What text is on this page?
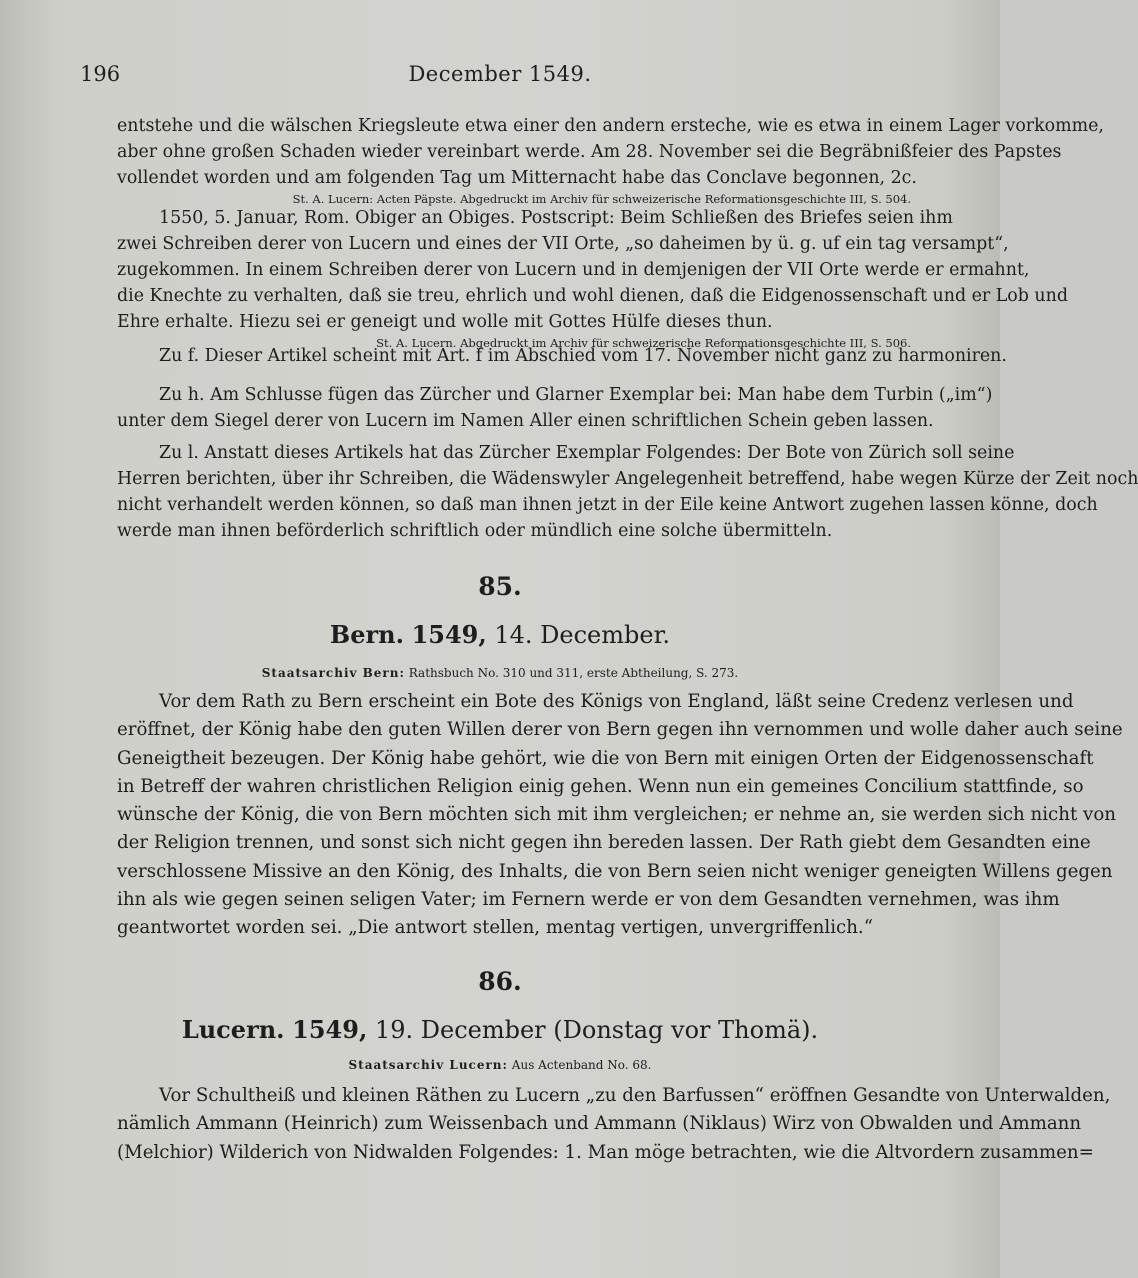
196	December 1549.
entstehe und die wälschen Kriegsleute etwa einer den andern ersteche, wie es etwa in einem Lager vorkomme,
aber ohne großen Schaden wieder vereinbart werde. Am 28. November sei die Begräbnißfeier des Papstes
vollendet worden und am folgenden Tag um Mitternacht habe das Conclave begonnen, 2c.
St. A. Lucern: Acten Päpste. Abgedruckt im Archiv für schweizerische Reformationsgeschichte III, S. 504.
1550, 5. Januar, Rom. Obiger an Obiges. Postscript: Beim Schließen des Briefes seien ihm
zwei Schreiben derer von Lucern und eines der VII Orte, „so daheimen by ü. g. uf ein tag versampt“,
zugekommen. In einem Schreiben derer von Lucern und in demjenigen der VII Orte werde er ermahnt,
die Knechte zu verhalten, daß sie treu, ehrlich und wohl dienen, daß die Eidgenossenschaft und er Lob und
Ehre erhalte. Hiezu sei er geneigt und wolle mit Gottes Hülfe dieses thun.
St. A. Lucern. Abgedruckt im Archiv für schweizerische Reformationsgeschichte III, S. 506.
Zu f. Dieser Artikel scheint mit Art. f im Abschied vom 17. November nicht ganz zu harmoniren.
Zu h. Am Schlusse fügen das Zürcher und Glarner Exemplar bei: Man habe dem Turbin („im“)
unter dem Siegel derer von Lucern im Namen Aller einen schriftlichen Schein geben lassen.
Zu l. Anstatt dieses Artikels hat das Zürcher Exemplar Folgendes: Der Bote von Zürich soll seine
Herren berichten, über ihr Schreiben, die Wädenswyler Angelegenheit betreffend, habe wegen Kürze der Zeit noch
nicht verhandelt werden können, so daß man ihnen jetzt in der Eile keine Antwort zugehen lassen könne, doch
werde man ihnen beförderlich schriftlich oder mündlich eine solche übermitteln.
85.
Bern. 1549, 14. December.
Staatsarchiv Bern: Rathsbuch No. 310 und 311, erste Abtheilung, S. 273.
Vor dem Rath zu Bern erscheint ein Bote des Königs von England, läßt seine Credenz verlesen und
eröffnet, der König habe den guten Willen derer von Bern gegen ihn vernommen und wolle daher auch seine
Geneigtheit bezeugen. Der König habe gehört, wie die von Bern mit einigen Orten der Eidgenossenschaft
in Betreff der wahren christlichen Religion einig gehen. Wenn nun ein gemeines Concilium stattfinde, so
wünsche der König, die von Bern möchten sich mit ihm vergleichen; er nehme an, sie werden sich nicht von
der Religion trennen, und sonst sich nicht gegen ihn bereden lassen. Der Rath giebt dem Gesandten eine
verschlossene Missive an den König, des Inhalts, die von Bern seien nicht weniger geneigten Willens gegen
ihn als wie gegen seinen seligen Vater; im Fernern werde er von dem Gesandten vernehmen, was ihm
geantwortet worden sei. „Die antwort stellen, mentag vertigen, unvergriffenlich.“
86.
Lucern. 1549, 19. December (Donstag vor Thomä).
Staatsarchiv Lucern: Aus Actenband No. 68.
Vor Schultheiß und kleinen Räthen zu Lucern „zu den Barfussen“ eröffnen Gesandte von Unterwalden,
nämlich Ammann (Heinrich) zum Weissenbach und Ammann (Niklaus) Wirz von Obwalden und Ammann
(Melchior) Wilderich von Nidwalden Folgendes: 1. Man möge betrachten, wie die Altvordern zusammen=
